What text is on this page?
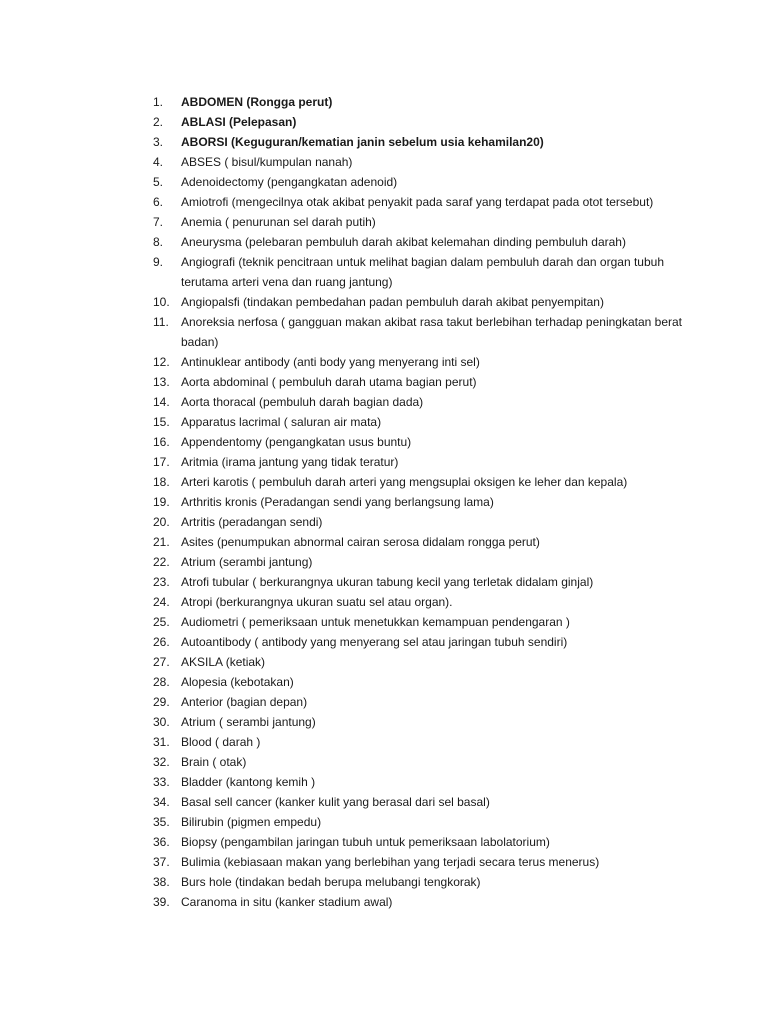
1.	ABDOMEN (Rongga perut)
2.	ABLASI (Pelepasan)
3.	ABORSI (Keguguran/kematian janin sebelum usia kehamilan20)
4.	ABSES ( bisul/kumpulan nanah)
5.	Adenoidectomy (pengangkatan adenoid)
6.	Amiotrofi (mengecilnya otak akibat penyakit pada saraf yang terdapat pada otot tersebut)
7.	Anemia ( penurunan sel darah putih)
8.	Aneurysma (pelebaran pembuluh darah akibat kelemahan dinding pembuluh darah)
9.	Angiografi (teknik pencitraan untuk melihat bagian dalam pembuluh darah dan organ tubuh terutama arteri vena dan ruang jantung)
10. Angiopalsfi (tindakan pembedahan padan pembuluh darah akibat penyempitan)
11.	Anoreksia nerfosa ( gangguan makan akibat rasa takut berlebihan terhadap peningkatan berat badan)
12. Antinuklear antibody (anti body yang menyerang inti sel)
13. Aorta abdominal ( pembuluh darah utama bagian perut)
14. Aorta thoracal (pembuluh darah bagian dada)
15. Apparatus lacrimal ( saluran air mata)
16. Appendentomy (pengangkatan usus buntu)
17. Aritmia (irama jantung yang tidak teratur)
18. Arteri karotis ( pembuluh darah arteri yang mengsuplai oksigen ke leher dan kepala)
19. Arthritis kronis (Peradangan sendi yang berlangsung lama)
20. Artritis (peradangan sendi)
21. Asites (penumpukan abnormal cairan serosa didalam rongga perut)
22. Atrium (serambi jantung)
23. Atrofi tubular ( berkurangnya ukuran tabung kecil yang terletak didalam ginjal)
24. Atropi (berkurangnya ukuran suatu sel atau organ).
25. Audiometri ( pemeriksaan untuk menetukkan kemampuan pendengaran )
26. Autoantibody ( antibody yang menyerang sel atau jaringan tubuh sendiri)
27. AKSILA (ketiak)
28. Alopesia (kebotakan)
29. Anterior (bagian depan)
30. Atrium ( serambi jantung)
31. Blood ( darah )
32. Brain ( otak)
33. Bladder (kantong kemih )
34. Basal sell cancer (kanker kulit yang berasal dari sel basal)
35. Bilirubin (pigmen empedu)
36. Biopsy (pengambilan jaringan tubuh untuk pemeriksaan labolatorium)
37. Bulimia (kebiasaan makan yang berlebihan yang terjadi secara terus menerus)
38. Burs hole (tindakan bedah berupa melubangi tengkorak)
39. Caranoma in situ (kanker stadium awal)
